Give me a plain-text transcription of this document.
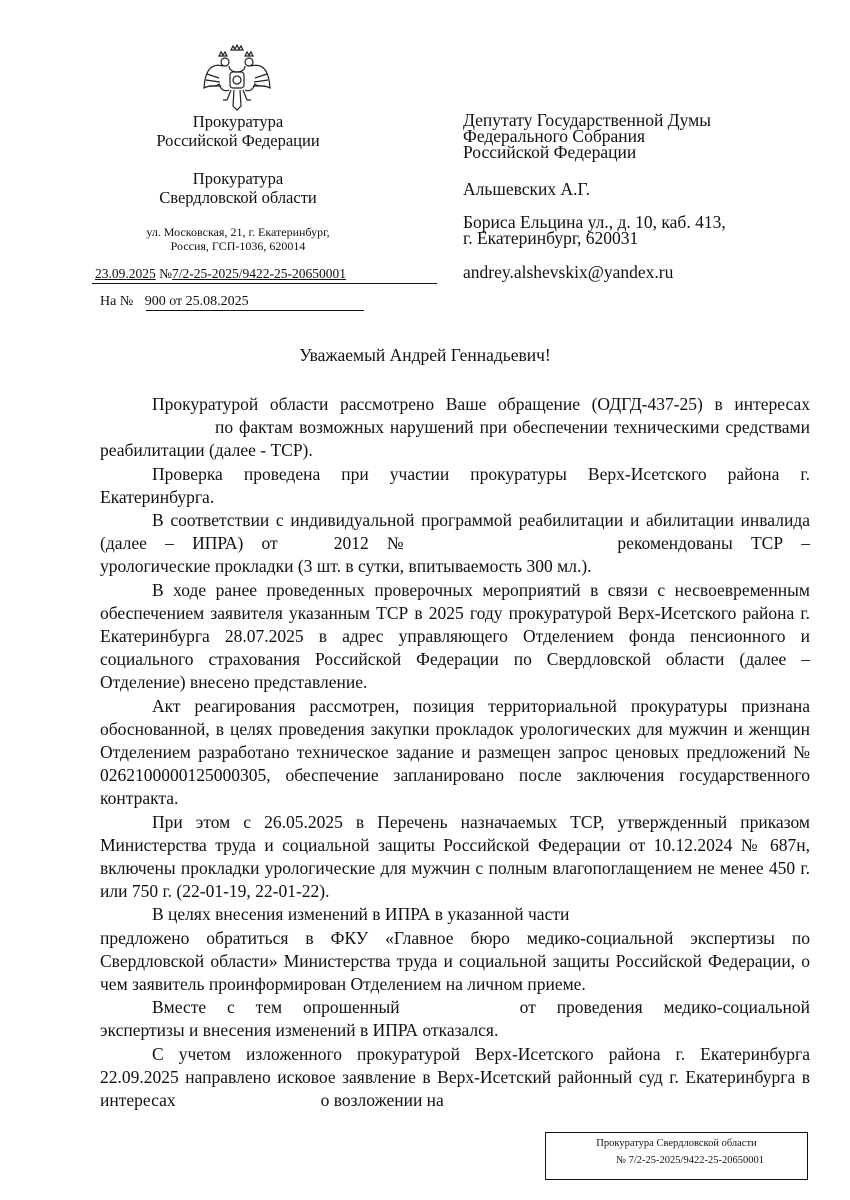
Прокуратура
Российской Федерации
Прокуратура
Свердловской области
ул. Московская, 21, г. Екатеринбург,
Россия, ГСП-1036, 620014
23.09.2025 №7/2-25-2025/9422-25-20650001
На № 900 от 25.08.2025
Депутату Государственной Думы
Федерального Собрания
Российской Федерации
Альшевских А.Г.
Бориса Ельцина ул., д. 10, каб. 413,
г. Екатеринбург, 620031
andrey.alshevskix@yandex.ru
Уважаемый Андрей Геннадьевич!

Прокуратурой области рассмотрено Ваше обращение (ОДГД-437-25) в интересахпо фактам возможных нарушений при обеспечении техническими средствами реабилитации (далее - ТСР).

Проверка проведена при участии прокуратуры Верх-Исетского района г. Екатеринбурга.

В соответствии с индивидуальной программой реабилитации и абилитации инвалида (далее – ИПРА) от	2012 №	рекомендованы ТСР – урологические прокладки (3 шт. в сутки, впитываемость 300 мл.).

В ходе ранее проведенных проверочных мероприятий в связи с несвоевременным обеспечением заявителя указанным ТСР в 2025 году прокуратурой Верх-Исетского района г. Екатеринбурга 28.07.2025 в адрес управляющего Отделением фонда пенсионного и социального страхования Российской Федерации по Свердловской области (далее – Отделение) внесено представление.

Акт реагирования рассмотрен, позиция территориальной прокуратуры признана обоснованной, в целях проведения закупки прокладок урологических для мужчин и женщин Отделением разработано техническое задание и размещен запрос ценовых предложений № 0262100000125000305, обеспечение запланировано после заключения государственного контракта.

При этом с 26.05.2025 в Перечень назначаемых ТСР, утвержденный приказом Министерства труда и социальной защиты Российской Федерации от 10.12.2024 № 687н, включены прокладки урологические для мужчин с полным влагопоглащением не менее 450 г. или 750 г. (22-01-19, 22-01-22).

В целях внесения изменений в ИПРА в указанной части

предложено обратиться в ФКУ «Главное бюро медико-социальной экспертизы по Свердловской области» Министерства труда и социальной защиты Российской Федерации, о чем заявитель проинформирован Отделением на личном приеме.

Вместе с тем опрошенный	от проведения медико-социальной экспертизы и внесения изменений в ИПРА отказался.

С учетом изложенного прокуратурой Верх-Исетского района г. Екатеринбурга 22.09.2025 направлено исковое заявление в Верх-Исетский районный суд г. Екатеринбурга в интересах	о возложении на

Прокуратура Свердловской области
№ 7/2-25-2025/9422-25-20650001
